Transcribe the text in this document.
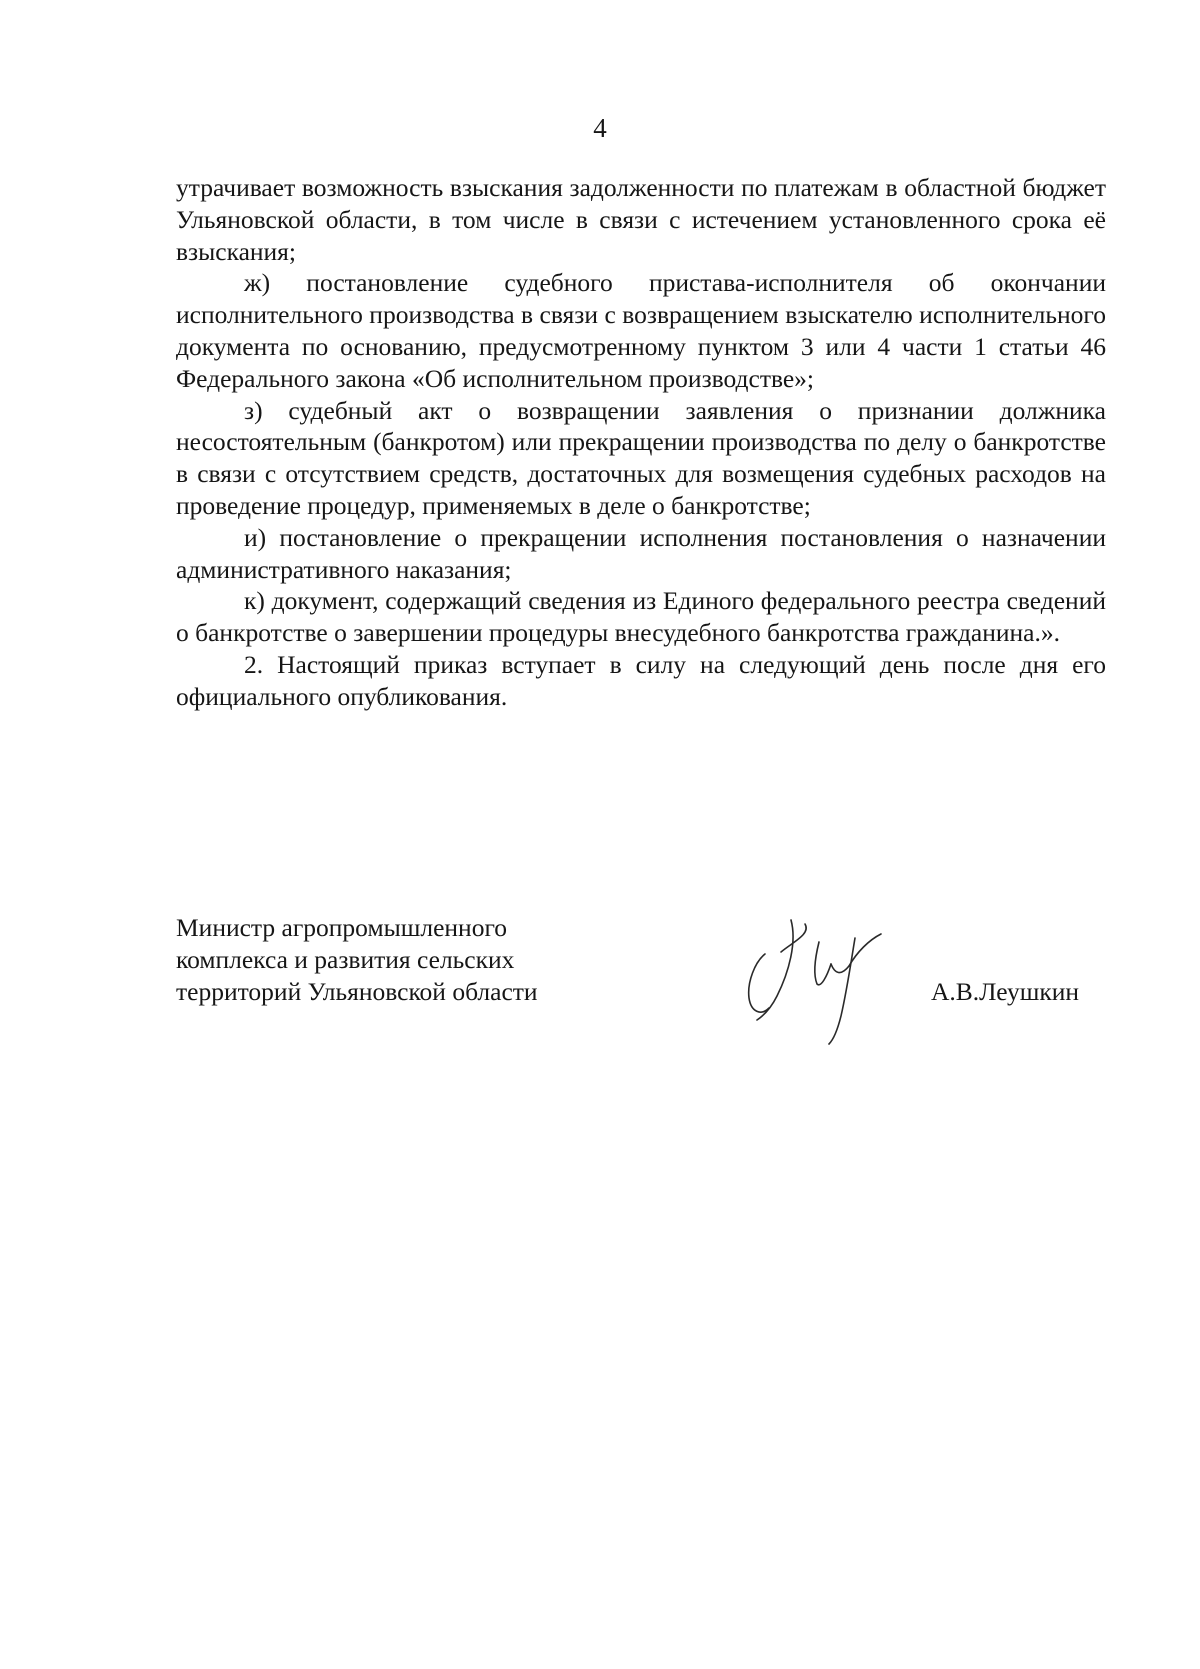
4

утрачивает возможность взыскания задолженности по платежам в областной бюджет Ульяновской области, в том числе в связи с истечением установленного срока её взыскания;

ж) постановление судебного пристава-исполнителя об окончании исполнительного производства в связи с возвращением взыскателю исполнительного документа по основанию, предусмотренному пунктом 3 или 4 части 1 статьи 46 Федерального закона «Об исполнительном производстве»;

з) судебный акт о возвращении заявления о признании должника несостоятельным (банкротом) или прекращении производства по делу о банкротстве в связи с отсутствием средств, достаточных для возмещения судебных расходов на проведение процедур, применяемых в деле о банкротстве;

и) постановление о прекращении исполнения постановления о назначении административного наказания;

к) документ, содержащий сведения из Единого федерального реестра сведений о банкротстве о завершении процедуры внесудебного банкротства гражданина.».

2. Настоящий приказ вступает в силу на следующий день после дня его официального опубликования.

Министр агропромышленного
комплекса и развития сельских
территорий Ульяновской области	А.В.Леушкин
